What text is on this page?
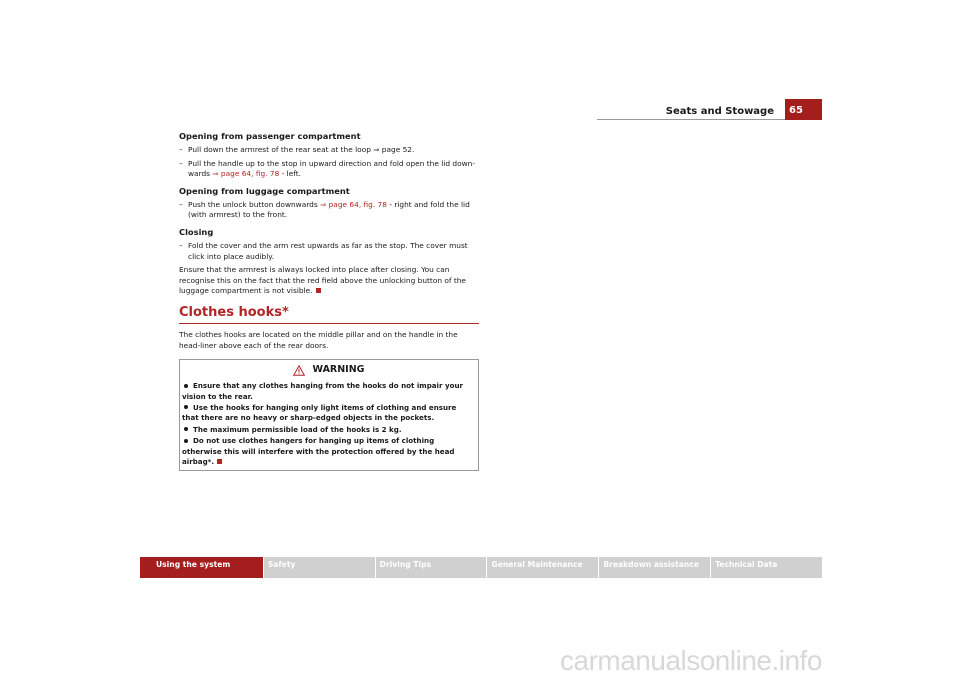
Seats and Stowage	65
Opening from passenger compartment
– Pull down the armrest of the rear seat at the loop ⇒ page 52.
– Pull the handle up to the stop in upward direction and fold open the lid down-wards ⇒ page 64, fig. 78 - left.
Opening from luggage compartment
– Push the unlock button downwards ⇒ page 64, fig. 78 - right and fold the lid (with armrest) to the front.
Closing
– Fold the cover and the arm rest upwards as far as the stop. The cover must click into place audibly.
Ensure that the armrest is always locked into place after closing. You can recognise this on the fact that the red field above the unlocking button of the luggage compartment is not visible.
Clothes hooks*
The clothes hooks are located on the middle pillar and on the handle in the head-liner above each of the rear doors.
WARNING
Ensure that any clothes hanging from the hooks do not impair your vision to the rear.
Use the hooks for hanging only light items of clothing and ensure that there are no heavy or sharp-edged objects in the pockets.
The maximum permissible load of the hooks is 2 kg.
Do not use clothes hangers for hanging up items of clothing otherwise this will interfere with the protection offered by the head airbag*.
Using the system	Safety	Driving Tips	General Maintenance	Breakdown assistance	Technical Data
carmanualsonline.info
